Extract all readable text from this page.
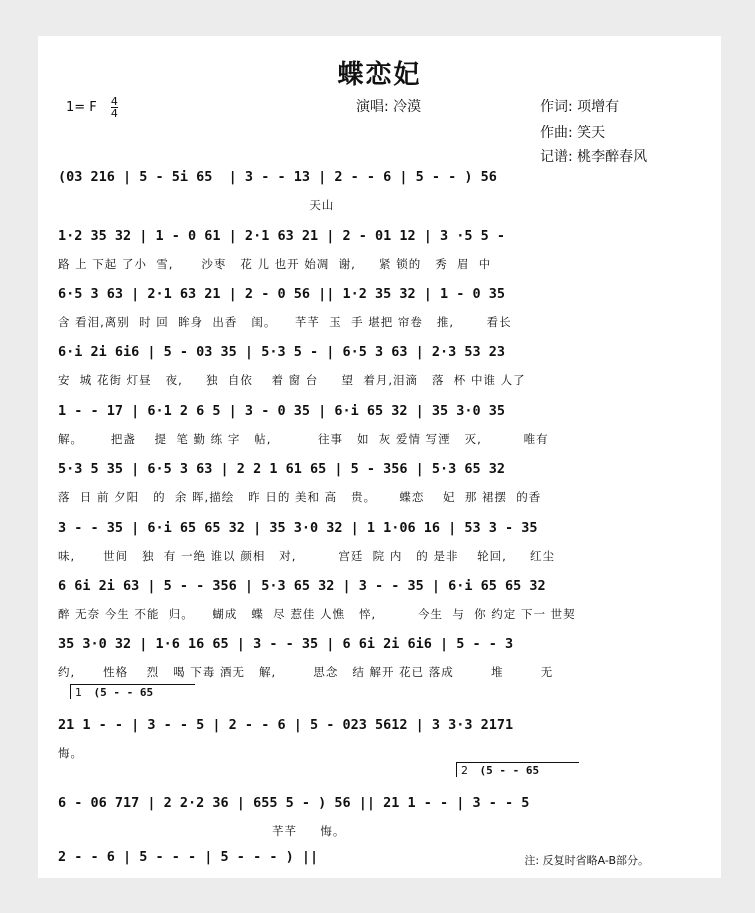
蝶恋妃
1= F $\frac{4}{4}$	演唱: 冷漠	作词: 项增有
作曲: 笑天
记谱: 桃李醉春风
(03 216 | 5 - 5i 65  | 3 - - 13 | 2 - - 6 | 5 - - ) 56
天山
1·2 35 32 | 1 - 0 61 | 2·1 63 21 | 2 - 01 12 | 3 ·5 5 -
路 上 下起 了小  雪,      沙枣   花 儿 也开 始凋  谢,     紧 锁的   秀  眉  中
6·5 3 63 | 2·1 63 21 | 2 - 0 56 || 1·2 35 32 | 1 - 0 35
含 看泪,离别  时 回  眸身  出香   闺。    芊芊  玉  手 堪把 帘卷   推,       看长
6·i 2i 6i6 | 5 - 03 35 | 5·3 5 - | 6·5 3 63 | 2·3 53 23
安  城 花街 灯昼   夜,     独  自依    着 窗 台     望  着月,泪滴   落  杯 中谁 人了
1 - - 17 | 6·1 2 6 5 | 3 - 0 35 | 6·i 65 32 | 35 3·0 35
解。      把盏    提  笔 勤 练 字   帖,          往事   如  灰 爱情 写湮   灭,         唯有
5·3 5 35 | 6·5 3 63 | 2 2 1 61 65 | 5 - 356 | 5·3 65 32
落  日 前 夕阳   的  余 晖,描绘   昨 日的 美和 高   贵。     蝶恋    妃  那 裙摆  的香
3 - - 35 | 6·i 65 65 32 | 35 3·0 32 | 1 1·06 16 | 53 3 - 35
味,      世间   独  有 一绝 谁以 颜相   对,         宫廷  院 内   的 是非    轮回,     红尘
6 6i 2i 63 | 5 - - 356 | 5·3 65 32 | 3 - - 35 | 6·i 65 65 32
醉 无奈 今生 不能  归。    蝴成   蝶  尽 惹佳 人憔   悴,         今生  与  你 约定 下一 世契
35 3·0 32 | 1·6 16 65 | 3 - - 35 | 6 6i 2i 6i6 | 5 - - 3
约,      性格    烈   喝 下毒 酒无   解,        思念   结 解开 花已 落成        堆        无
1 (5 - - 65
21 1 - - | 3 - - 5 | 2 - - 6 | 5 - 023 5612 | 3 3·3 2171
悔。
2 (5 - - 65
6 - 06 717 | 2 2·2 36 | 655 5 - ) 56 || 21 1 - - | 3 - - 5
芊芊     悔。
2 - - 6 | 5 - - - | 5 - - - ) ||	注: 反复时省略A-B部分。
